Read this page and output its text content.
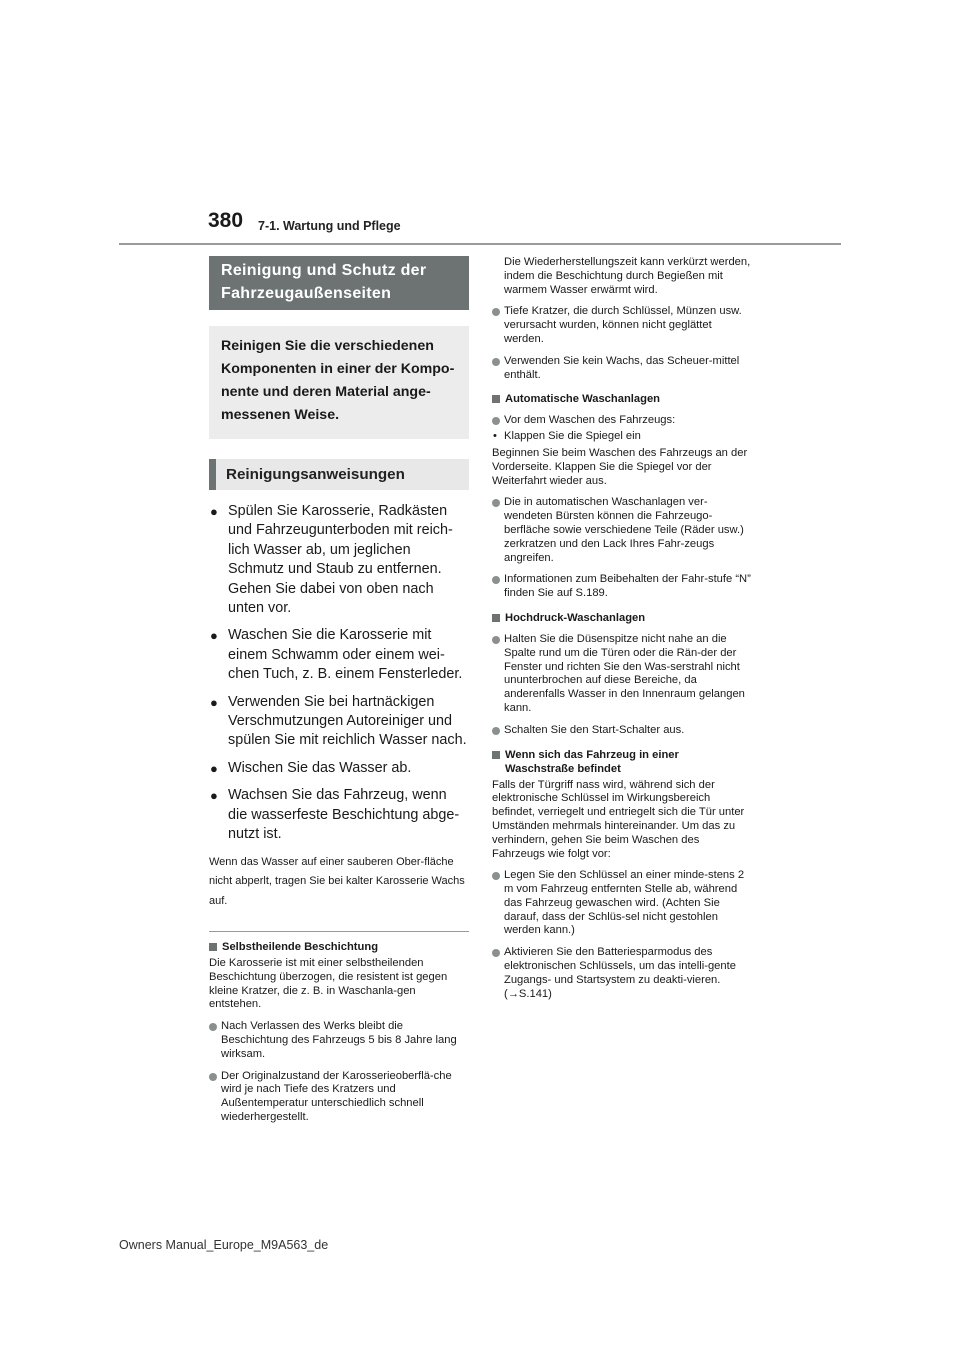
380 7-1. Wartung und Pflege
Reinigung und Schutz der Fahrzeugaußenseiten
Reinigen Sie die verschiedenen Komponenten in einer der Kompo-nente und deren Material ange-messenen Weise.
Reinigungsanweisungen
● Spülen Sie Karosserie, Radkästen und Fahrzeugunterboden mit reich-lich Wasser ab, um jeglichen Schmutz und Staub zu entfernen. Gehen Sie dabei von oben nach unten vor.
● Waschen Sie die Karosserie mit einem Schwamm oder einem wei-chen Tuch, z. B. einem Fensterleder.
● Verwenden Sie bei hartnäckigen Verschmutzungen Autoreiniger und spülen Sie mit reichlich Wasser nach.
● Wischen Sie das Wasser ab.
● Wachsen Sie das Fahrzeug, wenn die wasserfeste Beschichtung abge-nutzt ist.
Wenn das Wasser auf einer sauberen Ober-fläche nicht abperlt, tragen Sie bei kalter Karosserie Wachs auf.
Selbstheilende Beschichtung
Die Karosserie ist mit einer selbstheilenden Beschichtung überzogen, die resistent ist gegen kleine Kratzer, die z. B. in Waschanla-gen entstehen.
Nach Verlassen des Werks bleibt die Beschichtung des Fahrzeugs 5 bis 8 Jahre lang wirksam.
Der Originalzustand der Karosserieoberflä-che wird je nach Tiefe des Kratzers und Außentemperatur unterschiedlich schnell wiederhergestellt.
Die Wiederherstellungszeit kann verkürzt werden, indem die Beschichtung durch Begießen mit warmem Wasser erwärmt wird.
Tiefe Kratzer, die durch Schlüssel, Münzen usw. verursacht wurden, können nicht geglättet werden.
Verwenden Sie kein Wachs, das Scheuer-mittel enthält.
Automatische Waschanlagen
Vor dem Waschen des Fahrzeugs:
• Klappen Sie die Spiegel ein
Beginnen Sie beim Waschen des Fahrzeugs an der Vorderseite. Klappen Sie die Spiegel vor der Weiterfahrt wieder aus.
Die in automatischen Waschanlagen ver-wendeten Bürsten können die Fahrzeugo-berfläche sowie verschiedene Teile (Räder usw.) zerkratzen und den Lack Ihres Fahr-zeugs angreifen.
Informationen zum Beibehalten der Fahr-stufe “N” finden Sie auf S.189.
Hochdruck-Waschanlagen
Halten Sie die Düsenspitze nicht nahe an die Spalte rund um die Türen oder die Rän-der der Fenster und richten Sie den Was-serstrahl nicht ununterbrochen auf diese Bereiche, da anderenfalls Wasser in den Innenraum gelangen kann.
Schalten Sie den Start-Schalter aus.
Wenn sich das Fahrzeug in einer Waschstraße befindet
Falls der Türgriff nass wird, während sich der elektronische Schlüssel im Wirkungsbereich befindet, verriegelt und entriegelt sich die Tür unter Umständen mehrmals hintereinander. Um das zu verhindern, gehen Sie beim Waschen des Fahrzeugs wie folgt vor:
Legen Sie den Schlüssel an einer minde-stens 2 m vom Fahrzeug entfernten Stelle ab, während das Fahrzeug gewaschen wird. (Achten Sie darauf, dass der Schlüs-sel nicht gestohlen werden kann.)
Aktivieren Sie den Batteriesparmodus des elektronischen Schlüssels, um das intelli-gente Zugangs- und Startsystem zu deakti-vieren. (→S.141)
Owners Manual_Europe_M9A563_de
